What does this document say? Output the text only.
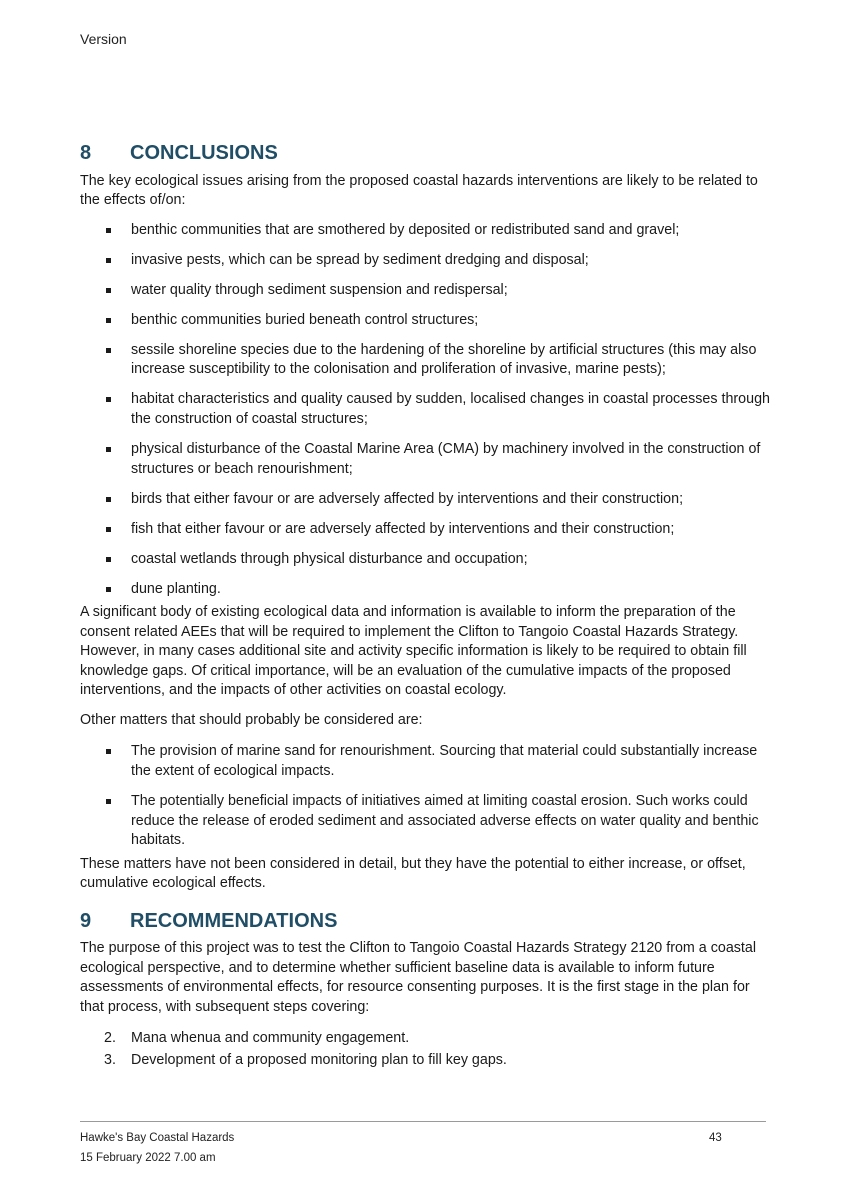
Version
8	CONCLUSIONS

The key ecological issues arising from the proposed coastal hazards interventions are likely to be related to the effects of/on:

benthic communities that are smothered by deposited or redistributed sand and gravel;
invasive pests, which can be spread by sediment dredging and disposal;
water quality through sediment suspension and redispersal;
benthic communities buried beneath control structures;
sessile shoreline species due to the hardening of the shoreline by artificial structures (this may also increase susceptibility to the colonisation and proliferation of invasive, marine pests);
habitat characteristics and quality caused by sudden, localised changes in coastal processes through the construction of coastal structures;
physical disturbance of the Coastal Marine Area (CMA) by machinery involved in the construction of structures or beach renourishment;
birds that either favour or are adversely affected by interventions and their construction;
fish that either favour or are adversely affected by interventions and their construction;
coastal wetlands through physical disturbance and occupation;
dune planting.

A significant body of existing ecological data and information is available to inform the preparation of the consent related AEEs that will be required to implement the Clifton to Tangoio Coastal Hazards Strategy. However, in many cases additional site and activity specific information is likely to be required to obtain fill knowledge gaps. Of critical importance, will be an evaluation of the cumulative impacts of the proposed interventions, and the impacts of other activities on coastal ecology.

Other matters that should probably be considered are:

The provision of marine sand for renourishment. Sourcing that material could substantially increase the extent of ecological impacts.
The potentially beneficial impacts of initiatives aimed at limiting coastal erosion. Such works could reduce the release of eroded sediment and associated adverse effects on water quality and benthic habitats.

These matters have not been considered in detail, but they have the potential to either increase, or offset, cumulative ecological effects.

9	RECOMMENDATIONS

The purpose of this project was to test the Clifton to Tangoio Coastal Hazards Strategy 2120 from a coastal ecological perspective, and to determine whether sufficient baseline data is available to inform future assessments of environmental effects, for resource consenting purposes. It is the first stage in the plan for that process, with subsequent steps covering:

2. Mana whenua and community engagement.
3. Development of a proposed monitoring plan to fill key gaps.
Hawke's Bay Coastal Hazards
15 February 2022 7.00 am
43
